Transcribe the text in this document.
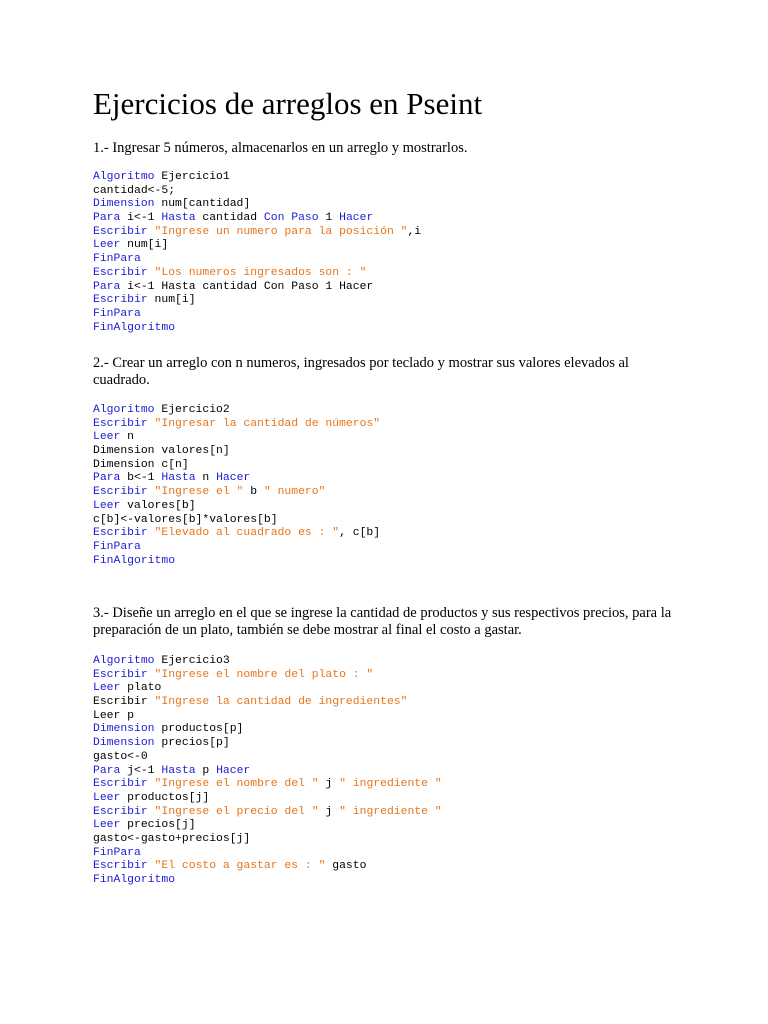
Ejercicios de arreglos en Pseint

1.- Ingresar 5 números, almacenarlos en un arreglo y mostrarlos.

Algoritmo Ejercicio1
cantidad<-5;
Dimension num[cantidad]
Para i<-1 Hasta cantidad Con Paso 1 Hacer
Escribir "Ingrese un numero para la posición ",i
Leer num[i]
FinPara
Escribir "Los numeros ingresados son : "
Para i<-1 Hasta cantidad Con Paso 1 Hacer
Escribir num[i]
FinPara
FinAlgoritmo

2.- Crear un arreglo con n numeros, ingresados por teclado y mostrar sus valores elevados al cuadrado.

Algoritmo Ejercicio2
Escribir "Ingresar la cantidad de números"
Leer n
Dimension valores[n]
Dimension c[n]
Para b<-1 Hasta n Hacer
Escribir "Ingrese el " b " numero"
Leer valores[b]
c[b]<-valores[b]*valores[b]
Escribir "Elevado al cuadrado es : ", c[b]
FinPara
FinAlgoritmo

3.- Diseñe un arreglo en el que se ingrese la cantidad de productos y sus respectivos precios, para la preparación de un plato, también se debe mostrar al final el costo a gastar.

Algoritmo Ejercicio3
Escribir "Ingrese el nombre del plato : "
Leer plato
Escribir "Ingrese la cantidad de ingredientes"
Leer p
Dimension productos[p]
Dimension precios[p]
gasto<-0
Para j<-1 Hasta p Hacer
Escribir "Ingrese el nombre del " j " ingrediente "
Leer productos[j]
Escribir "Ingrese el precio del " j " ingrediente "
Leer precios[j]
gasto<-gasto+precios[j]
FinPara
Escribir "El costo a gastar es : " gasto
FinAlgoritmo
